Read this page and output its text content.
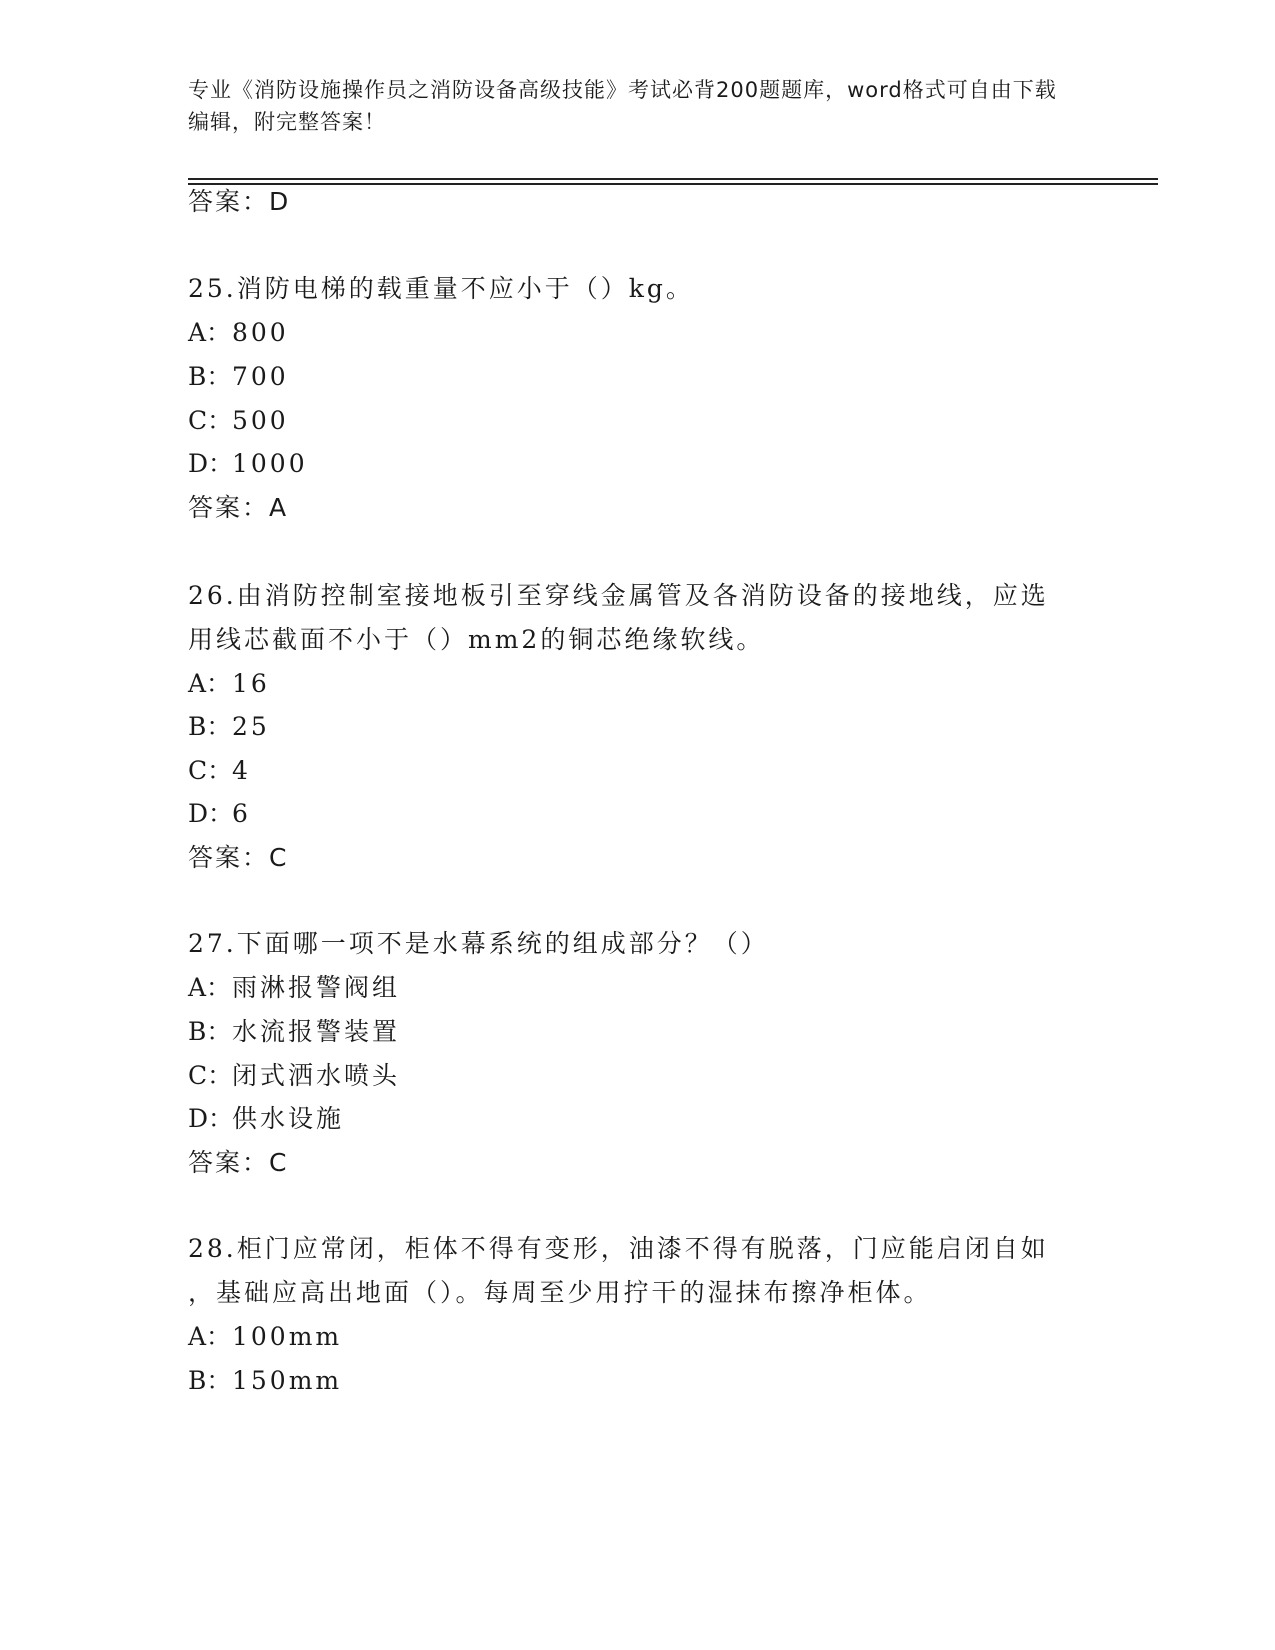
专业《消防设施操作员之消防设备高级技能》考试必背200题题库，word格式可自由下载编辑，附完整答案！
答案：D
25.消防电梯的载重量不应小于（）kg。
A：800
B：700
C：500
D：1000
答案：A
26.由消防控制室接地板引至穿线金属管及各消防设备的接地线，应选
用线芯截面不小于（）mm2的铜芯绝缘软线。
A：16
B：25
C：4
D：6
答案：C
27.下面哪一项不是水幕系统的组成部分？（）
A：雨淋报警阀组
B：水流报警装置
C：闭式洒水喷头
D：供水设施
答案：C
28.柜门应常闭，柜体不得有变形，油漆不得有脱落，门应能启闭自如
，基础应高出地面（）。每周至少用拧干的湿抹布擦净柜体。
A：100mm
B：150mm
